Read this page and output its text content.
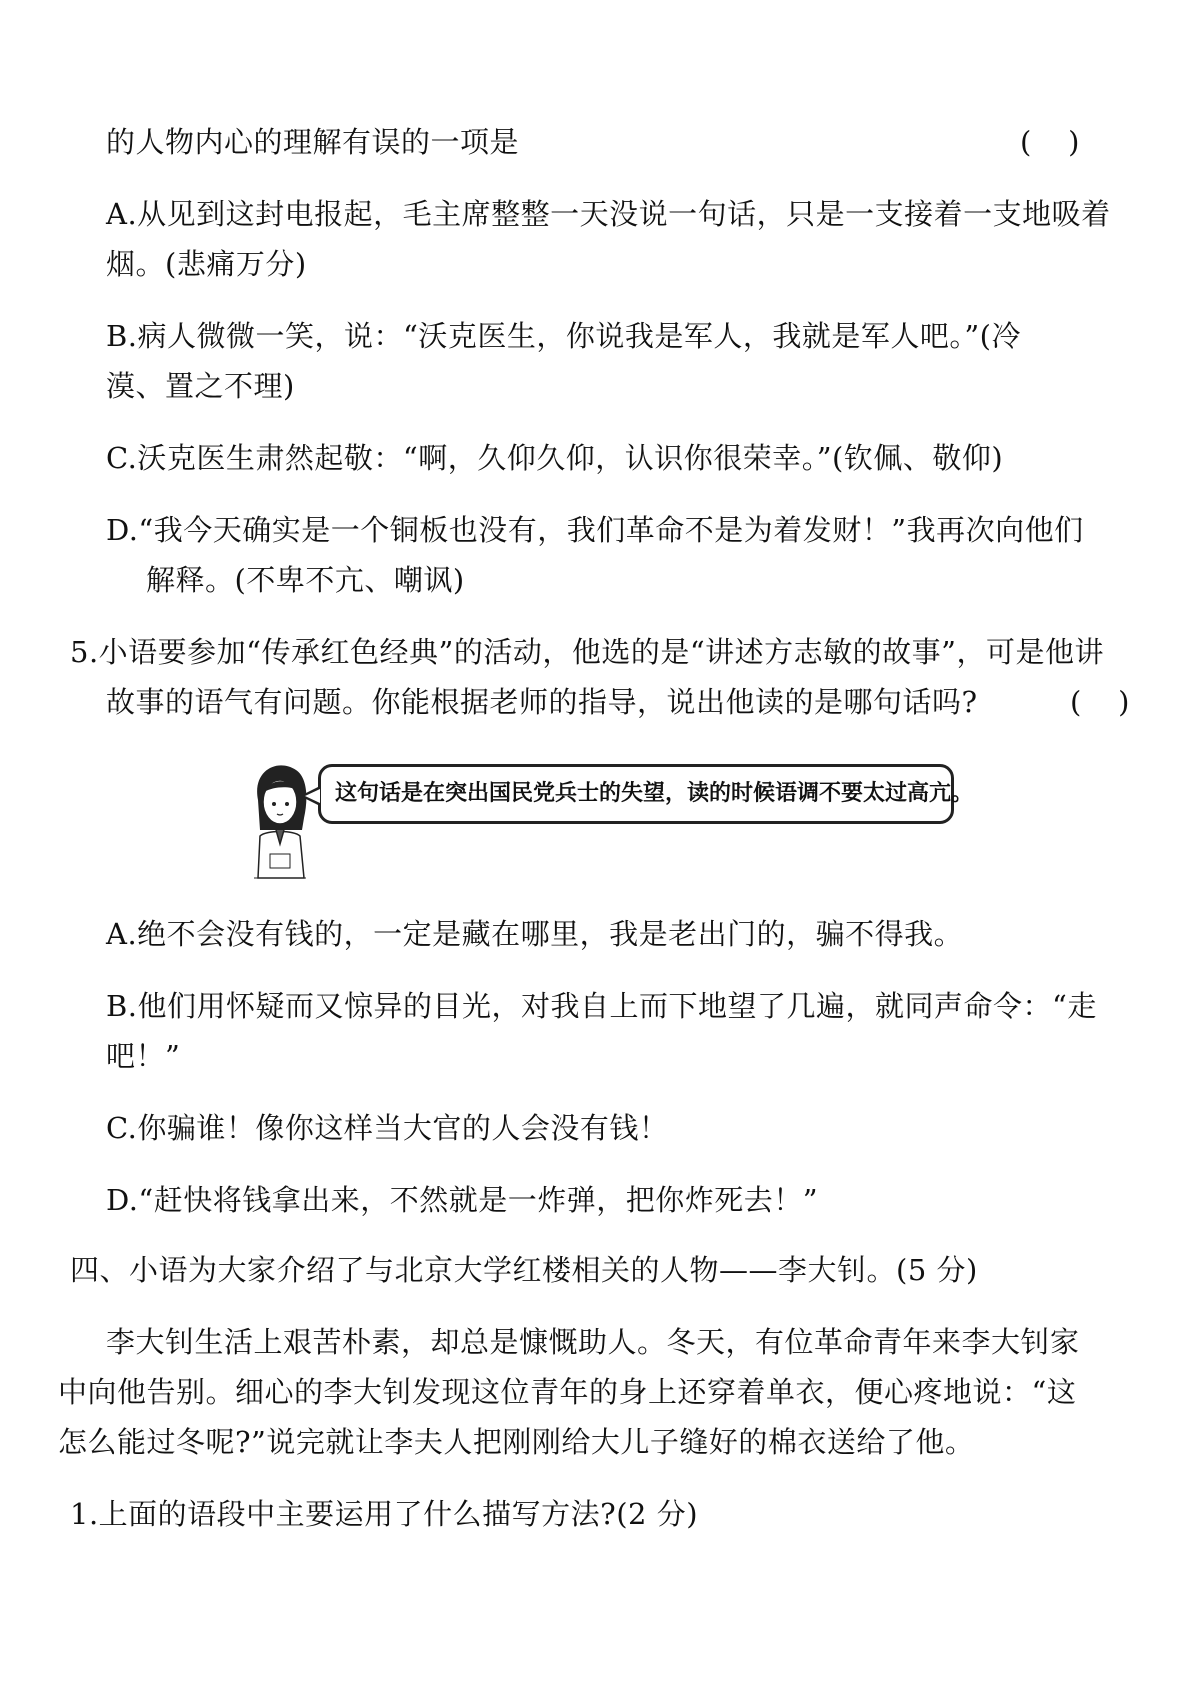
的人物内心的理解有误的一项是	(    )
A.从见到这封电报起，毛主席整整一天没说一句话，只是一支接着一支地吸着
烟。(悲痛万分)
B.病人微微一笑，说：“沃克医生，你说我是军人，我就是军人吧。”(冷
漠、置之不理)
C.沃克医生肃然起敬：“啊，久仰久仰，认识你很荣幸。”(钦佩、敬仰)
D.“我今天确实是一个铜板也没有，我们革命不是为着发财！”我再次向他们
解释。(不卑不亢、嘲讽)
5.小语要参加“传承红色经典”的活动，他选的是“讲述方志敏的故事”，可是他讲
故事的语气有问题。你能根据老师的指导，说出他读的是哪句话吗?	(    )
这句话是在突出国民党兵士的失望，读的时候语调不要太过高亢。
A.绝不会没有钱的，一定是藏在哪里，我是老出门的，骗不得我。
B.他们用怀疑而又惊异的目光，对我自上而下地望了几遍，就同声命令：“走
吧！”
C.你骗谁！像你这样当大官的人会没有钱！
D.“赶快将钱拿出来，不然就是一炸弹，把你炸死去！”
四、小语为大家介绍了与北京大学红楼相关的人物——李大钊。(5 分)
李大钊生活上艰苦朴素，却总是慷慨助人。冬天，有位革命青年来李大钊家
中向他告别。细心的李大钊发现这位青年的身上还穿着单衣，便心疼地说：“这
怎么能过冬呢?”说完就让李夫人把刚刚给大儿子缝好的棉衣送给了他。
1.上面的语段中主要运用了什么描写方法?(2 分)
